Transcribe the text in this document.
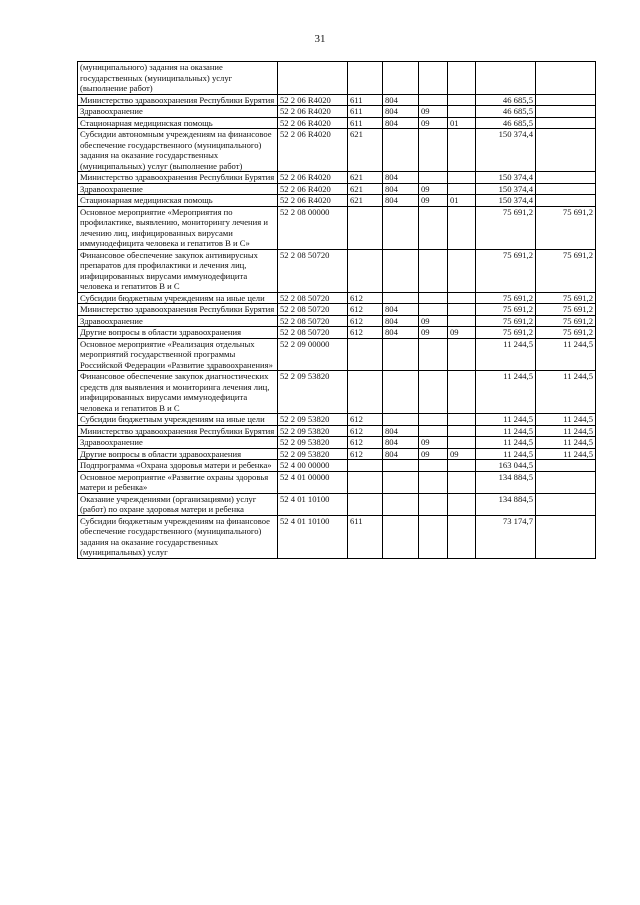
31
(муниципального) задания на оказание государственных (муниципальных) услуг (выполнение работ)							
Министерство здравоохранения Республики Бурятия	52 2 06 R4020	611	804			46 685,5	
Здравоохранение	52 2 06 R4020	611	804	09		46 685,5	
Стационарная медицинская помощь	52 2 06 R4020	611	804	09	01	46 685,5	
Субсидии автономным учреждениям на финансовое обеспечение государственного (муниципального) задания на оказание государственных (муниципальных) услуг (выполнение работ)	52 2 06 R4020	621				150 374,4	
Министерство здравоохранения Республики Бурятия	52 2 06 R4020	621	804			150 374,4	
Здравоохранение	52 2 06 R4020	621	804	09		150 374,4	
Стационарная медицинская помощь	52 2 06 R4020	621	804	09	01	150 374,4	
Основное мероприятие «Мероприятия по профилактике, выявлению, мониторингу лечения и лечению лиц, инфицированных вирусами иммунодефицита человека и гепатитов В и С»	52 2 08 00000					75 691,2	75 691,2
Финансовое обеспечение закупок антивирусных препаратов для профилактики и лечения лиц, инфицированных вирусами иммунодефицита человека и гепатитов В и С	52 2 08 50720					75 691,2	75 691,2
Субсидии бюджетным учреждениям на иные цели	52 2 08 50720	612				75 691,2	75 691,2
Министерство здравоохранения Республики Бурятия	52 2 08 50720	612	804			75 691,2	75 691,2
Здравоохранение	52 2 08 50720	612	804	09		75 691,2	75 691,2
Другие вопросы в области здравоохранения	52 2 08 50720	612	804	09	09	75 691,2	75 691,2
Основное мероприятие «Реализация отдельных мероприятий государственной программы Российской Федерации «Развитие здравоохранения»	52 2 09 00000					11 244,5	11 244,5
Финансовое обеспечение закупок диагностических средств для выявления и мониторинга лечения лиц, инфицированных вирусами иммунодефицита человека и гепатитов В и С	52 2 09 53820					11 244,5	11 244,5
Субсидии бюджетным учреждениям на иные цели	52 2 09 53820	612				11 244,5	11 244,5
Министерство здравоохранения Республики Бурятия	52 2 09 53820	612	804			11 244,5	11 244,5
Здравоохранение	52 2 09 53820	612	804	09		11 244,5	11 244,5
Другие вопросы в области здравоохранения	52 2 09 53820	612	804	09	09	11 244,5	11 244,5
Подпрограмма «Охрана здоровья матери и ребенка»	52 4 00 00000					163 044,5	
Основное мероприятие «Развитие охраны здоровья матери и ребенка»	52 4 01 00000					134 884,5	
Оказание учреждениями (организациями) услуг (работ) по охране здоровья матери и ребенка	52 4 01 10100					134 884,5	
Субсидии бюджетным учреждениям на финансовое обеспечение государственного (муниципального) задания на оказание государственных (муниципальных) услуг	52 4 01 10100	611				73 174,7	
